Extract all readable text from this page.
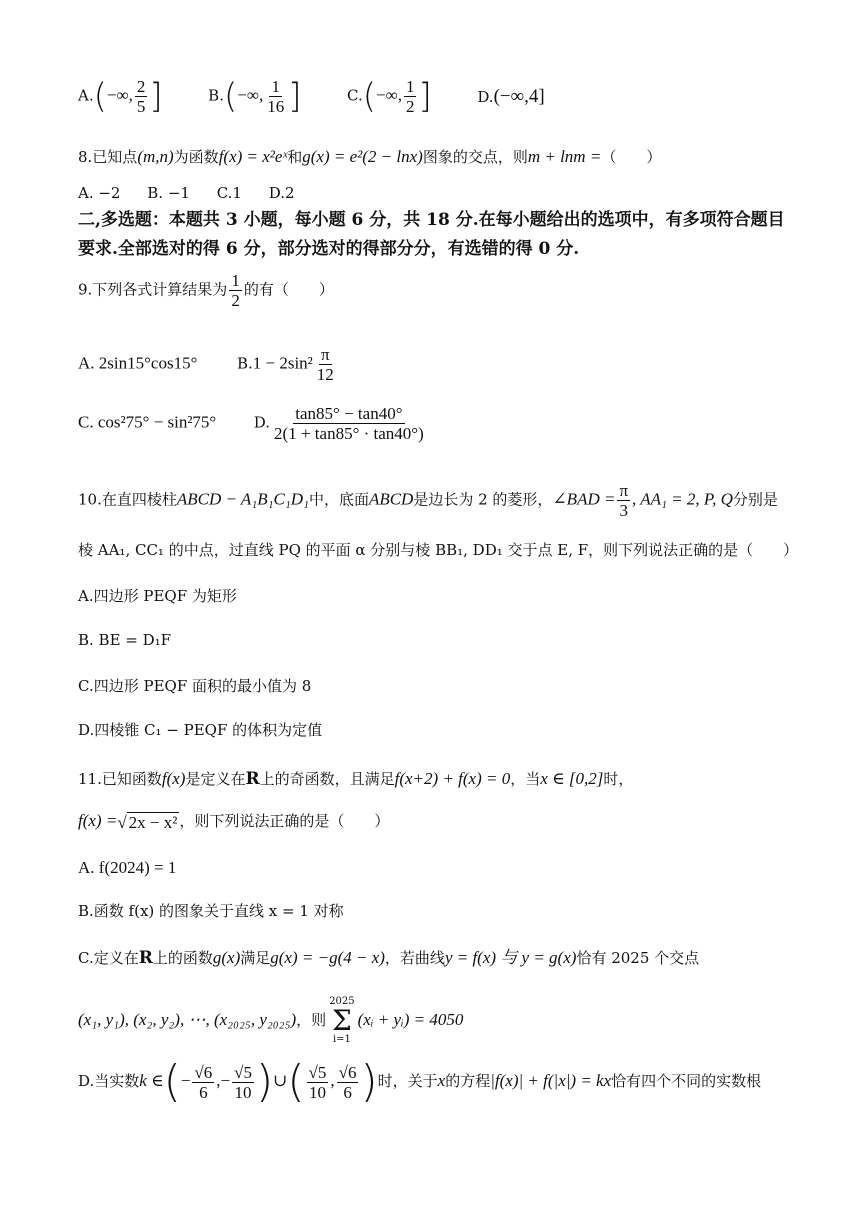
A.(−∞, $\frac{2}{5}$ ]	B.(−∞, $\frac{1}{16}$ ]	C.(−∞, $\frac{1}{2}$ ]	D.(−∞,4]
8.已知点(m,n)为函数f(x) = x²eˣ和g(x) = e²(2 − lnx)图象的交点，则m + lnm =（　　）
A. −2 B. −1 C.1 D.2
二,多选题：本题共 3 小题，每小题 6 分，共 18 分.在每小题给出的选项中，有多项符合题目
要求.全部选对的得 6 分，部分选对的得部分分，有选错的得 0 分.
9.下列各式计算结果为 $\frac{1}{2}$ 的有（　　）
A. 2sin15°cos15°	$B.1 - 2\sin^2 \frac{\pi}{12}$
C. cos²75° − sin²75°	D. $\frac{\tan 85^\circ - \tan 40^\circ}{2(1 + \tan 85^\circ \cdot \tan 40^\circ)}$
10.在直四棱柱ABCD − A₁B₁C₁D₁中，底面ABCD是边长为 2 的菱形，∠BAD = $\frac{\pi}{3}$ , AA₁ = 2, P, Q分别是
棱 AA₁, CC₁ 的中点，过直线 PQ 的平面 α 分别与棱 BB₁, DD₁ 交于点 E, F，则下列说法正确的是（　　）
A.四边形 PEQF 为矩形
B. BE = D₁F
C.四边形 PEQF 面积的最小值为 8
D.四棱锥 C₁ − PEQF 的体积为定值
11.已知函数f(x)是定义在R上的奇函数，且满足f(x+2) + f(x) = 0，当x ∈ [0,2]时，
f(x) =√ 2x − x² ，则下列说法正确的是（　　）
A. f(2024) = 1
B.函数 f(x) 的图象关于直线 x = 1 对称
C.定义在R上的函数g(x)满足g(x) = −g(4 − x)，若曲线y = f(x) 与 y = g(x)恰有 2025 个交点
(x₁, y₁), (x₂, y₂), ⋯, (x₂₀₂₅, y₂₀₂₅)，则
2025
Σ
i=1
(xᵢ + yᵢ) = 4050
D.当实数k ∈(− $\frac{√6}{6}$ ,− $\frac{√5}{10}$ )∪( $\frac{√5}{10}$ , $\frac{√6}{6}$ )时，关于x的方程|f(x)| + f(|x|) = kx恰有四个不同的实数根
